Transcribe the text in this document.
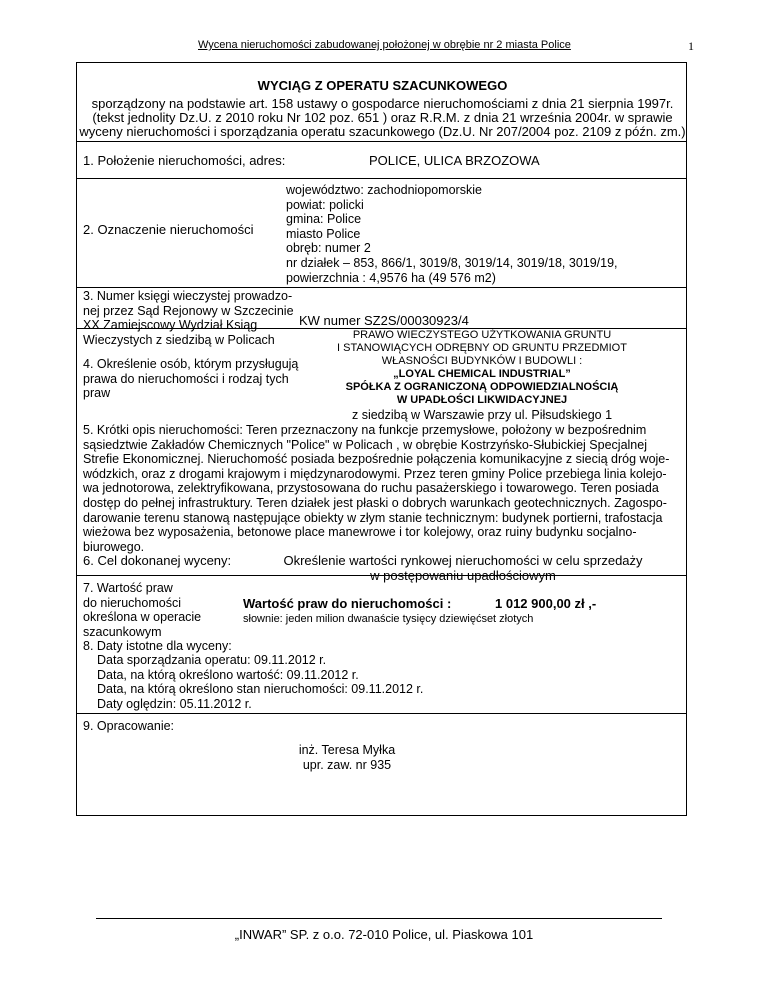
Wycena nieruchomości zabudowanej położonej w obrębie nr 2 miasta Police	1
WYCIĄG Z OPERATU SZACUNKOWEGO
sporządzony na podstawie art. 158 ustawy o gospodarce nieruchomościami z dnia 21 sierpnia 1997r.
(tekst jednolity Dz.U. z 2010 roku Nr 102 poz. 651 ) oraz R.R.M. z dnia 21 września 2004r. w sprawie
wyceny nieruchomości i sporządzania operatu szacunkowego (Dz.U. Nr 207/2004 poz. 2109 z późn. zm.)
1. Położenie nieruchomości, adres:	POLICE, ULICA BRZOZOWA
2. Oznaczenie nieruchomości
województwo: zachodniopomorskie
powiat: policki
gmina: Police
miasto Police
obręb: numer 2
nr działek – 853, 866/1, 3019/8, 3019/14, 3019/18, 3019/19,
powierzchnia : 4,9576 ha (49 576 m2)
3. Numer księgi wieczystej prowadzo-
nej przez Sąd Rejonowy w Szczecinie
XX Zamiejscowy Wydział Ksiąg
Wieczystych z siedzibą w Policach
KW numer SZ2S/00030923/4
4. Określenie osób, którym przysługują
prawa do nieruchomości i rodzaj tych
praw
PRAWO WIECZYSTEGO UŻYTKOWANIA GRUNTU
I STANOWIĄCYCH ODRĘBNY OD GRUNTU PRZEDMIOT
WŁASNOŚCI BUDYNKÓW I BUDOWLI :
„LOYAL CHEMICAL INDUSTRIAL”
SPÓŁKA Z OGRANICZONĄ ODPOWIEDZIALNOŚCIĄ
W UPADŁOŚCI LIKWIDACYJNEJ
z siedzibą w Warszawie przy ul. Piłsudskiego 1
5. Krótki opis nieruchomości: Teren przeznaczony na funkcje przemysłowe, położony w bezpośrednim
sąsiedztwie Zakładów Chemicznych "Police" w Policach , w obrębie Kostrzyńsko-Słubickiej Specjalnej
Strefie Ekonomicznej. Nieruchomość posiada bezpośrednie połączenia komunikacyjne z siecią dróg woje-
wódzkich, oraz z drogami krajowym i międzynarodowymi. Przez teren gminy Police przebiega linia kolejo-
wa jednotorowa, zelektryfikowana, przystosowana do ruchu pasażerskiego i towarowego. Teren posiada
dostęp do pełnej infrastruktury. Teren działek jest płaski o dobrych warunkach geotechnicznych. Zagospo-
darowanie terenu stanową następujące obiekty w złym stanie technicznym: budynek portierni, trafostacja
wieżowa bez wyposażenia, betonowe place manewrowe i tor kolejowy, oraz ruiny budynku socjalno-
biurowego.
6. Cel dokonanej wyceny:	Określenie wartości rynkowej nieruchomości w celu sprzedaży
w postępowaniu upadłościowym
7. Wartość praw
do nieruchomości
określona w operacie
szacunkowym
Wartość praw do nieruchomości :	1 012 900,00 zł ,-
słownie: jeden milion dwanaście tysięcy dziewięćset złotych
8. Daty istotne dla wyceny:
Data sporządzania operatu: 09.11.2012 r.
Data, na którą określono wartość: 09.11.2012 r.
Data, na którą określono stan nieruchomości: 09.11.2012 r.
Daty oględzin: 05.11.2012 r.
9. Opracowanie:
inż. Teresa Myłka
upr. zaw. nr 935
„INWAR” SP. z o.o. 72-010 Police, ul. Piaskowa 101
